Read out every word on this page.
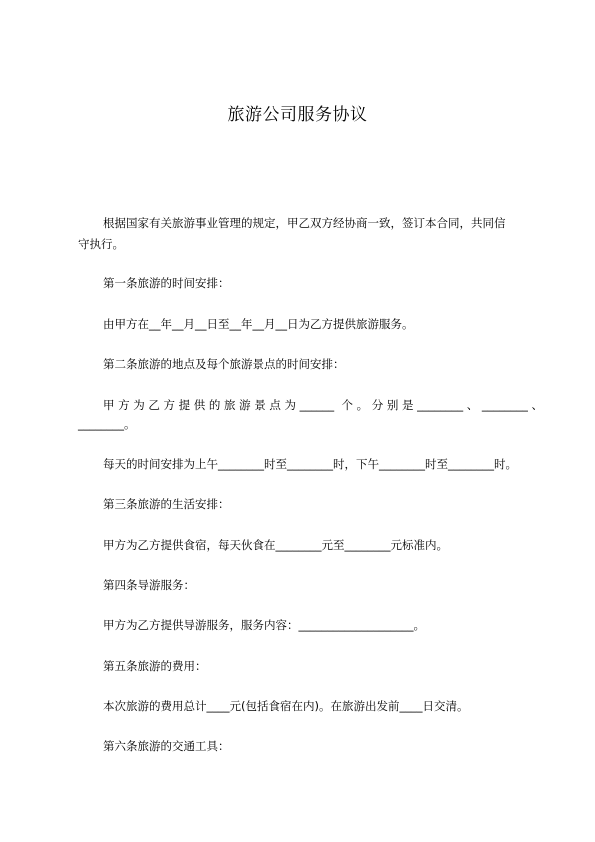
旅游公司服务协议
根据国家有关旅游事业管理的规定，甲乙双方经协商一致，签订本合同，共同信
守执行。
第一条旅游的时间安排：
由甲方在__年__月__日至__年__月__日为乙方提供旅游服务。
第二条旅游的地点及每个旅游景点的时间安排：
甲方为乙方提供的旅游景点为______ 个。分别是________、________、
________。
每天的时间安排为上午________时至________时，下午________时至________时。
第三条旅游的生活安排：
甲方为乙方提供食宿，每天伙食在________元至________元标准内。
第四条导游服务：
甲方为乙方提供导游服务，服务内容：____________________。
第五条旅游的费用：
本次旅游的费用总计____元(包括食宿在内)。在旅游出发前____日交清。
第六条旅游的交通工具：
